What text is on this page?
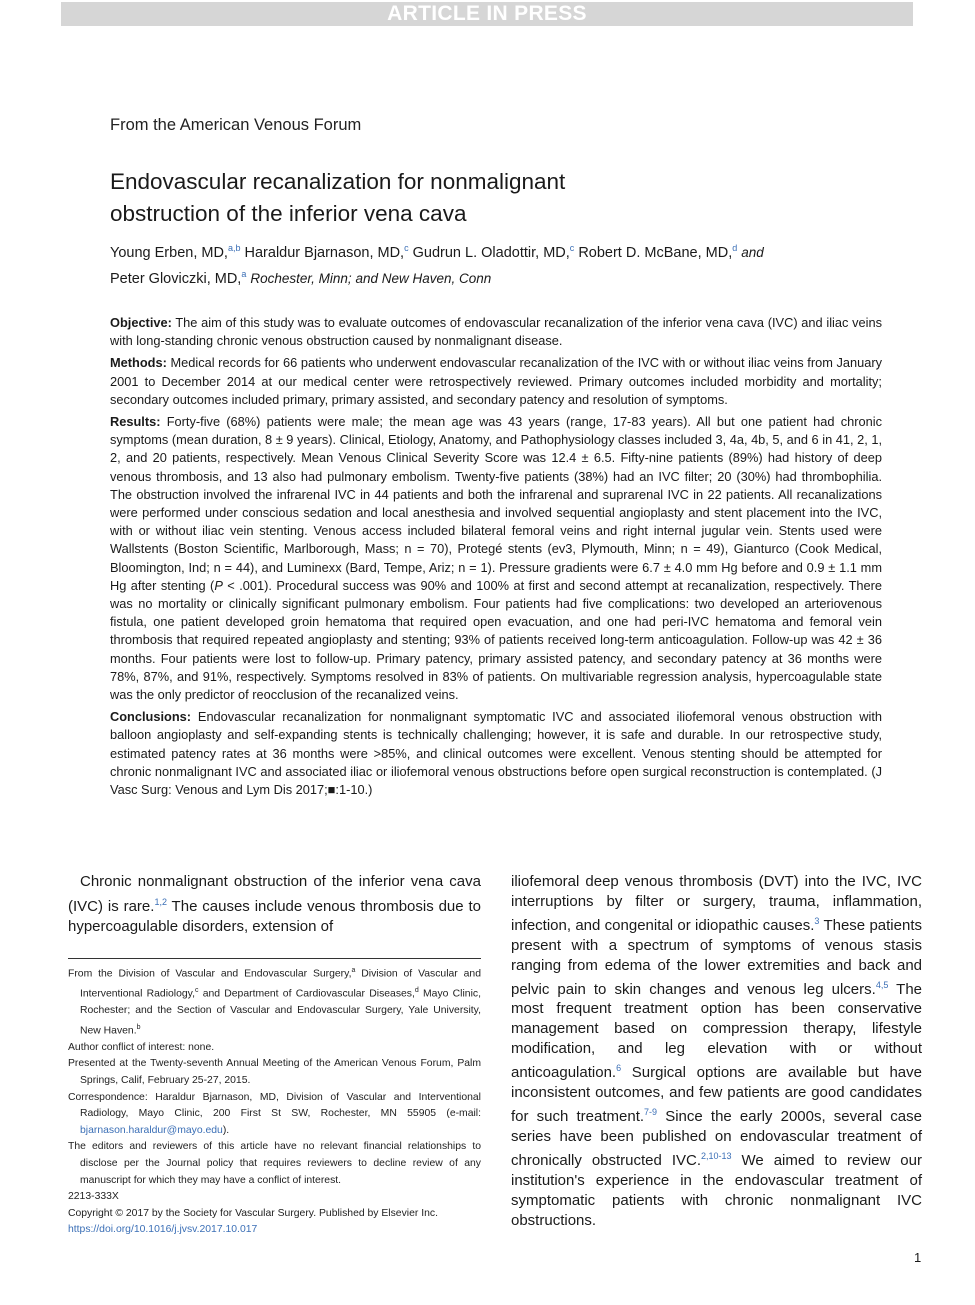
ARTICLE IN PRESS
From the American Venous Forum
Endovascular recanalization for nonmalignant
obstruction of the inferior vena cava
Young Erben, MD,$^{a,b}$ Haraldur Bjarnason, MD,$^c$ Gudrun L. Oladottir, MD,$^c$ Robert D. McBane, MD,$^d$ and
Peter Gloviczki, MD,$^a$ Rochester, Minn; and New Haven, Conn

Objective: The aim of this study was to evaluate outcomes of endovascular recanalization of the inferior vena cava (IVC) and iliac veins with long-standing chronic venous obstruction caused by nonmalignant disease.

Methods: Medical records for 66 patients who underwent endovascular recanalization of the IVC with or without iliac veins from January 2001 to December 2014 at our medical center were retrospectively reviewed. Primary outcomes included morbidity and mortality; secondary outcomes included primary, primary assisted, and secondary patency and resolution of symptoms.

Results: Forty-five (68%) patients were male; the mean age was 43 years (range, 17-83 years). All but one patient had chronic symptoms (mean duration, 8 ± 9 years). Clinical, Etiology, Anatomy, and Pathophysiology classes included 3, 4a, 4b, 5, and 6 in 41, 2, 1, 2, and 20 patients, respectively. Mean Venous Clinical Severity Score was 12.4 ± 6.5. Fifty-nine patients (89%) had history of deep venous thrombosis, and 13 also had pulmonary embolism. Twenty-five patients (38%) had an IVC filter; 20 (30%) had thrombophilia. The obstruction involved the infrarenal IVC in 44 patients and both the infrarenal and suprarenal IVC in 22 patients. All recanalizations were performed under conscious sedation and local anesthesia and involved sequential angioplasty and stent placement into the IVC, with or without iliac vein stenting. Venous access included bilateral femoral veins and right internal jugular vein. Stents used were Wallstents (Boston Scientific, Marlborough, Mass; n = 70), Protegé stents (ev3, Plymouth, Minn; n = 49), Gianturco (Cook Medical, Bloomington, Ind; n = 44), and Luminexx (Bard, Tempe, Ariz; n = 1). Pressure gradients were 6.7 ± 4.0 mm Hg before and 0.9 ± 1.1 mm Hg after stenting (P < .001). Procedural success was 90% and 100% at first and second attempt at recanalization, respectively. There was no mortality or clinically significant pulmonary embolism. Four patients had five complications: two developed an arteriovenous fistula, one patient developed groin hematoma that required open evacuation, and one had peri-IVC hematoma and femoral vein thrombosis that required repeated angioplasty and stenting; 93% of patients received long-term anticoagulation. Follow-up was 42 ± 36 months. Four patients were lost to follow-up. Primary patency, primary assisted patency, and secondary patency at 36 months were 78%, 87%, and 91%, respectively. Symptoms resolved in 83% of patients. On multivariable regression analysis, hypercoagulable state was the only predictor of reocclusion of the recanalized veins.

Conclusions: Endovascular recanalization for nonmalignant symptomatic IVC and associated iliofemoral venous obstruction with balloon angioplasty and self-expanding stents is technically challenging; however, it is safe and durable. In our retrospective study, estimated patency rates at 36 months were >85%, and clinical outcomes were excellent. Venous stenting should be attempted for chronic nonmalignant IVC and associated iliac or iliofemoral venous obstructions before open surgical reconstruction is contemplated. (J Vasc Surg: Venous and Lym Dis 2017;■:1-10.)

Chronic nonmalignant obstruction of the inferior vena cava (IVC) is rare.$^{1,2}$ The causes include venous thrombosis due to hypercoagulable disorders, extension of

iliofemoral deep venous thrombosis (DVT) into the IVC, IVC interruptions by filter or surgery, trauma, inflammation, infection, and congenital or idiopathic causes.$^3$ These patients present with a spectrum of symptoms of venous stasis ranging from edema of the lower extremities and back and pelvic pain to skin changes and venous leg ulcers.$^{4,5}$ The most frequent treatment option has been conservative management based on compression therapy, lifestyle modification, and leg elevation with or without anticoagulation.$^6$ Surgical options are available but have inconsistent outcomes, and few patients are good candidates for such treatment.$^{7-9}$ Since the early 2000s, several case series have been published on endovascular treatment of chronically obstructed IVC.$^{2,10-13}$ We aimed to review our institution's experience in the endovascular treatment of symptomatic patients with chronic nonmalignant IVC obstructions.

From the Division of Vascular and Endovascular Surgery,$^a$ Division of Vascular and Interventional Radiology,$^c$ and Department of Cardiovascular Diseases,$^d$ Mayo Clinic, Rochester; and the Section of Vascular and Endovascular Surgery, Yale University, New Haven.$^b$

Author conflict of interest: none.

Presented at the Twenty-seventh Annual Meeting of the American Venous Forum, Palm Springs, Calif, February 25-27, 2015.

Correspondence: Haraldur Bjarnason, MD, Division of Vascular and Interventional Radiology, Mayo Clinic, 200 First St SW, Rochester, MN 55905 (e-mail: bjarnason.haraldur@mayo.edu).

The editors and reviewers of this article have no relevant financial relationships to disclose per the Journal policy that requires reviewers to decline review of any manuscript for which they may have a conflict of interest.

2213-333X

Copyright © 2017 by the Society for Vascular Surgery. Published by Elsevier Inc.

https://doi.org/10.1016/j.jvsv.2017.10.017

1
